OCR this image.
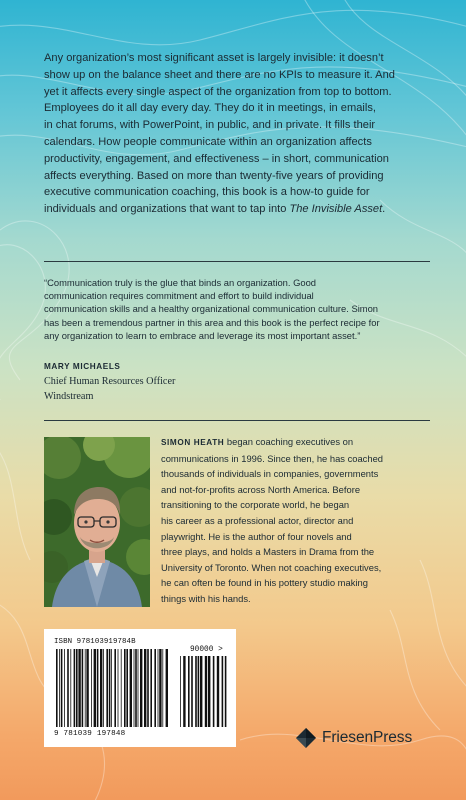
Any organization’s most significant asset is largely invisible: it doesn’t
show up on the balance sheet and there are no KPIs to measure it. And
yet it affects every single aspect of the organization from top to bottom.
Employees do it all day every day. They do it in meetings, in emails,
in chat forums, with PowerPoint, in public, and in private. It fills their
calendars. How people communicate within an organization affects
productivity, engagement, and effectiveness – in short, communication
affects everything. Based on more than twenty-five years of providing
executive communication coaching, this book is a how-to guide for
individuals and organizations that want to tap into The Invisible Asset.
“Communication truly is the glue that binds an organization. Good
communication requires commitment and effort to build individual
communication skills and a healthy organizational communication culture. Simon
has been a tremendous partner in this area and this book is the perfect recipe for
any organization to learn to embrace and leverage its most important asset.”
MARY MICHAELS
Chief Human Resources Officer
Windstream
SIMON HEATH began coaching executives on
communications in 1996. Since then, he has coached
thousands of individuals in companies, governments
and not-for-profits across North America. Before
transitioning to the corporate world, he began
his career as a professional actor, director and
playwright. He is the author of four novels and
three plays, and holds a Masters in Drama from the
University of Toronto. When not coaching executives,
he can often be found in his pottery studio making
things with his hands.
ISBN 978103919784B
90000 >
9 781039 197848	FriesenPress
